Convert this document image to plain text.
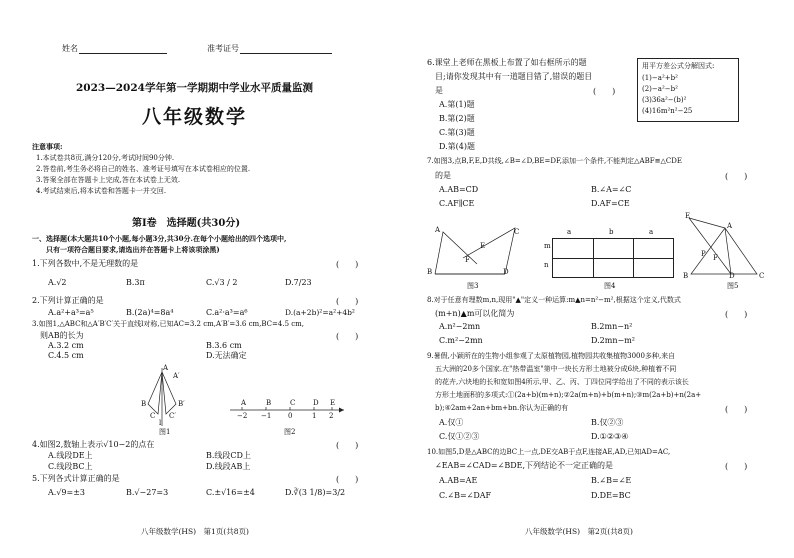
姓名	准考证号
2023—2024学年第一学期期中学业水平质量监测
八年级数学
注意事项:
1.本试卷共8页,满分120分,考试时间90分钟.
2.答卷前,考生务必将自己的姓名、准考证号填写在本试卷相应的位置.
3.答案全部在答题卡上完成,答在本试卷上无效.
4.考试结束后,将本试卷和答题卡一并交回.
第Ⅰ卷　选择题(共30分)
一、选择题(本大题共10个小题,每小题3分,共30分.在每个小题给出的四个选项中,
只有一项符合题目要求,请选出并在答题卡上将该项涂黑)
1.下列各数中,不是无理数的是	(　　)
A.√2	B.3π	C.√3 / 2	D.7/23
2.下列计算正确的是	(　　)
A.a²+a³=a⁵	B.(2a)⁴=8a⁴	C.a²·a³=a⁶	D.(a+2b)²=a²+4b²
3.如图1,△ABC和△A′B′C′关于直线l对称,已知AC=3.2 cm,A′B′=3.6 cm,BC=4.5 cm,
则AB的长为	(　　)
A.3.2 cm	B.3.6 cm
C.4.5 cm	D.无法确定
A
A′
B	B′
C C′
l
图1
A	B	C	D E
−2 −1 0	1 2
图2
4.如图2,数轴上表示√10−2的点在	(　　)
A.线段DE上	B.线段CD上
C.线段BC上	D.线段AB上
5.下列各式计算正确的是	(　　)
A.√9=±3	B.√−27=3	C.±√16=±4	D.∛(3 1/8)=3/2
八年级数学(HS)　第1页(共8页)
6.课堂上老师在黑板上布置了如右框所示的题
目;请你发现其中有一道题目错了,错误的题目
是	(　　)
A.第(1)题
B.第(2)题
C.第(3)题
D.第(4)题
用平方差公式分解因式:
(1)−a²+b²
(2)−a²−b²
(3)36a²−(b)²
(4)16m²n²−25
7.如图3,点B,F,E,D共线,∠B=∠D,BE=DF,添加一个条件,不能判定△ABF≌△CDE
的是	(　　)
A.AB=CD	B.∠A=∠C
C.AF∥CE	D.AF=CE
A
B
F
E
D
C
图3
a	b	a
m
n
图4
E
A
B
P
C
D
F
图5
8.对于任意有理数m,n,现用"▲"定义一种运算:m▲n=n²−m²,根据这个定义,代数式
(m+n)▲m可以化简为	(　　)
A.n²−2mn	B.2mn−n²
C.m²−2mn	D.2mn−m²
9.暑假,小颖所在的生物小组参观了太原植物园,植物园共收集植物3000多种,来自
五大洲的20多个国家.在"热带温室"第中一块长方形土地被分成6块,种植着不同
的花卉,六块地的长和宽如图4所示,甲、乙、丙、丁四位同学给出了不同的表示该长
方形土地面积的多项式:①(2a+b)(m+n);②2a(m+n)+b(m+n);③m(2a+b)+n(2a+
b);④2am+2an+bm+bn.你认为正确的有	(　　)
A.仅①	B.仅②③
C.仅①②③	D.①②③④
10.如图5,D是△ABC的边BC上一点,DE交AB于点F,连接AE,AD,已知AD=AC,
∠EAB=∠CAD=∠BDE,下列结论不一定正确的是	(　　)
A.AB=AE	B.∠B=∠E
C.∠B=∠DAF	D.DE=BC
八年级数学(HS)　第2页(共8页)
